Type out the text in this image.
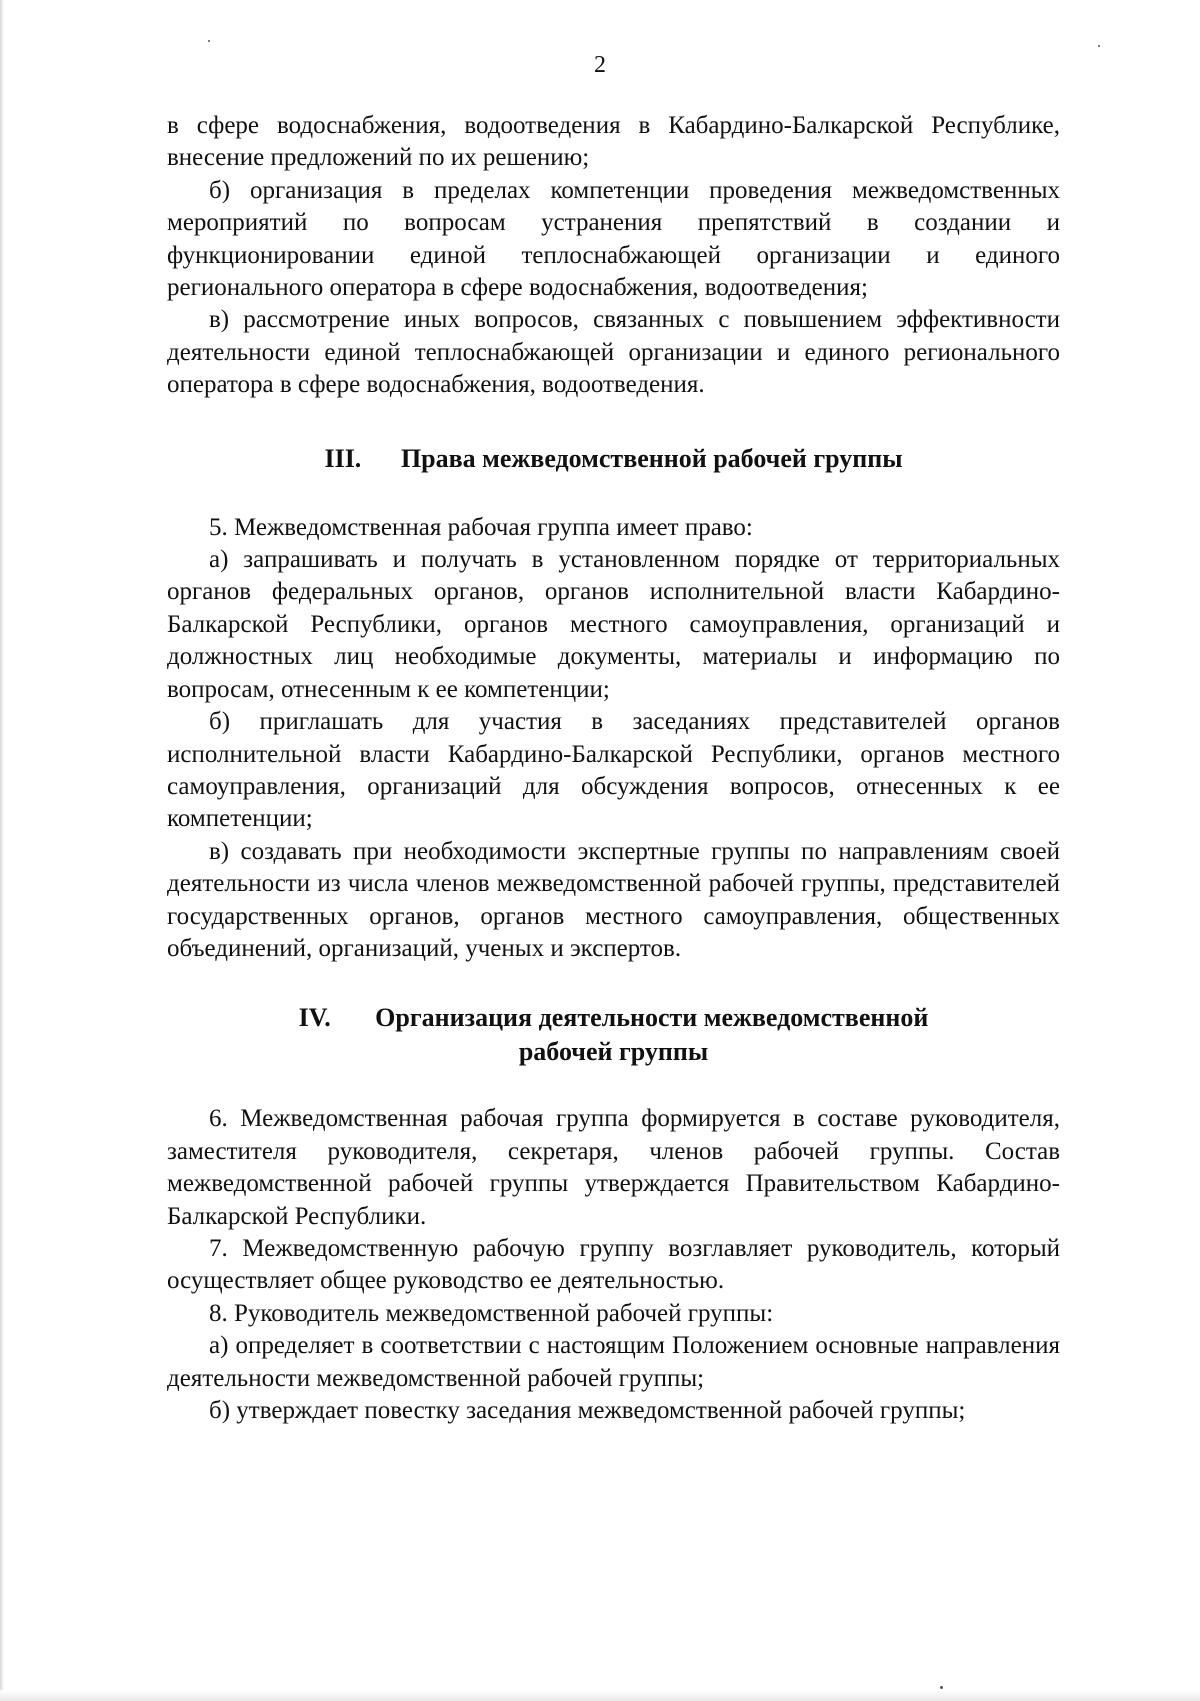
2

в сфере водоснабжения, водоотведения в Кабардино-Балкарской Республике, внесение предложений по их решению;

б) организация в пределах компетенции проведения межведомственных мероприятий по вопросам устранения препятствий в создании и функционировании единой теплоснабжающей организации и единого регионального оператора в сфере водоснабжения, водоотведения;

в) рассмотрение иных вопросов, связанных с повышением эффективности деятельности единой теплоснабжающей организации и единого регионального оператора в сфере водоснабжения, водоотведения.

III. Права межведомственной рабочей группы

5. Межведомственная рабочая группа имеет право:

а) запрашивать и получать в установленном порядке от территориальных органов федеральных органов, органов исполнительной власти Кабардино-Балкарской Республики, органов местного самоуправления, организаций и должностных лиц необходимые документы, материалы и информацию по вопросам, отнесенным к ее компетенции;

б) приглашать для участия в заседаниях представителей органов исполнительной власти Кабардино-Балкарской Республики, органов местного самоуправления, организаций для обсуждения вопросов, отнесенных к ее компетенции;

в) создавать при необходимости экспертные группы по направлениям своей деятельности из числа членов межведомственной рабочей группы, представителей государственных органов, органов местного самоуправления, общественных объединений, организаций, ученых и экспертов.

IV. Организация деятельности межведомственной
рабочей группы

6. Межведомственная рабочая группа формируется в составе руководителя, заместителя руководителя, секретаря, членов рабочей группы. Состав межведомственной рабочей группы утверждается Правительством Кабардино-Балкарской Республики.

7. Межведомственную рабочую группу возглавляет руководитель, который осуществляет общее руководство ее деятельностью.

8. Руководитель межведомственной рабочей группы:

а) определяет в соответствии с настоящим Положением основные направления деятельности межведомственной рабочей группы;

б) утверждает повестку заседания межведомственной рабочей группы;
